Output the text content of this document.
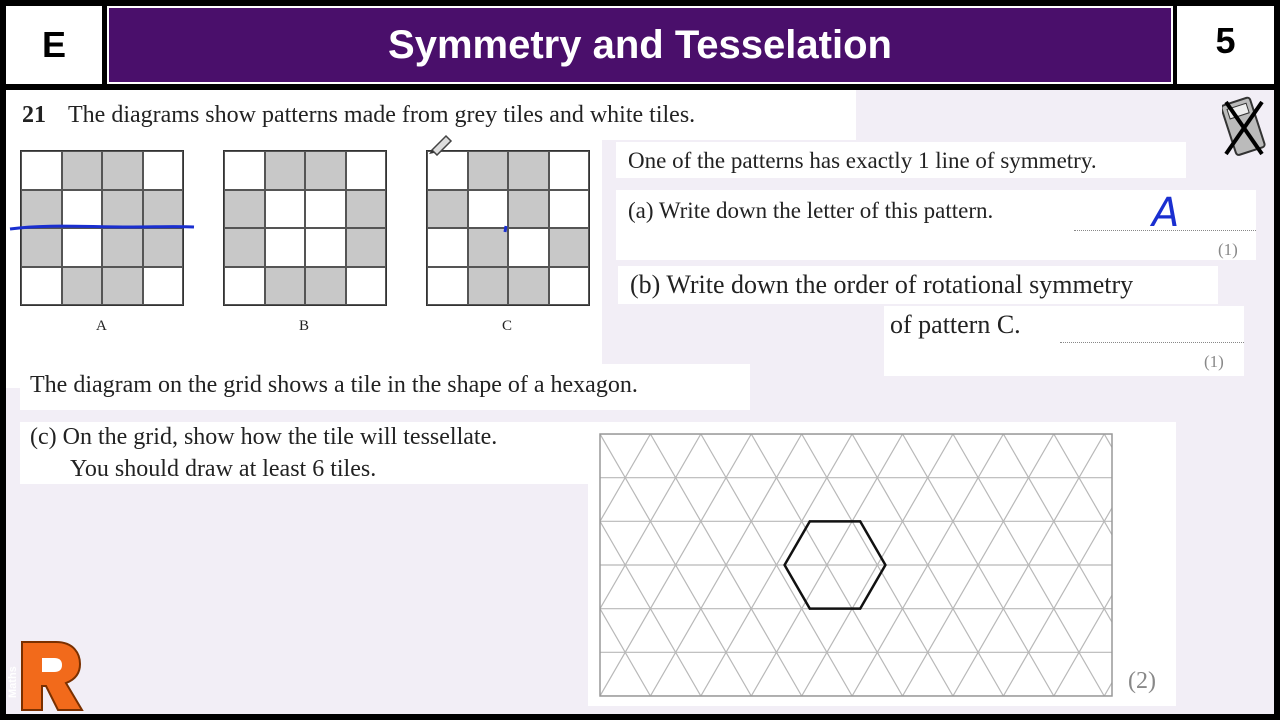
E	Symmetry and Tesselation	5
21 The diagrams show patterns made from grey tiles and white tiles.
A	B	C
One of the patterns has exactly 1 line of symmetry.
(a) Write down the letter of this pattern.	A
(1)
(b) Write down the order of rotational symmetry
of pattern C.
(1)
The diagram on the grid shows a tile in the shape of a hexagon.
(c) On the grid, show how the tile will tessellate.
You should draw at least 6 tiles.
(2)
Maths
